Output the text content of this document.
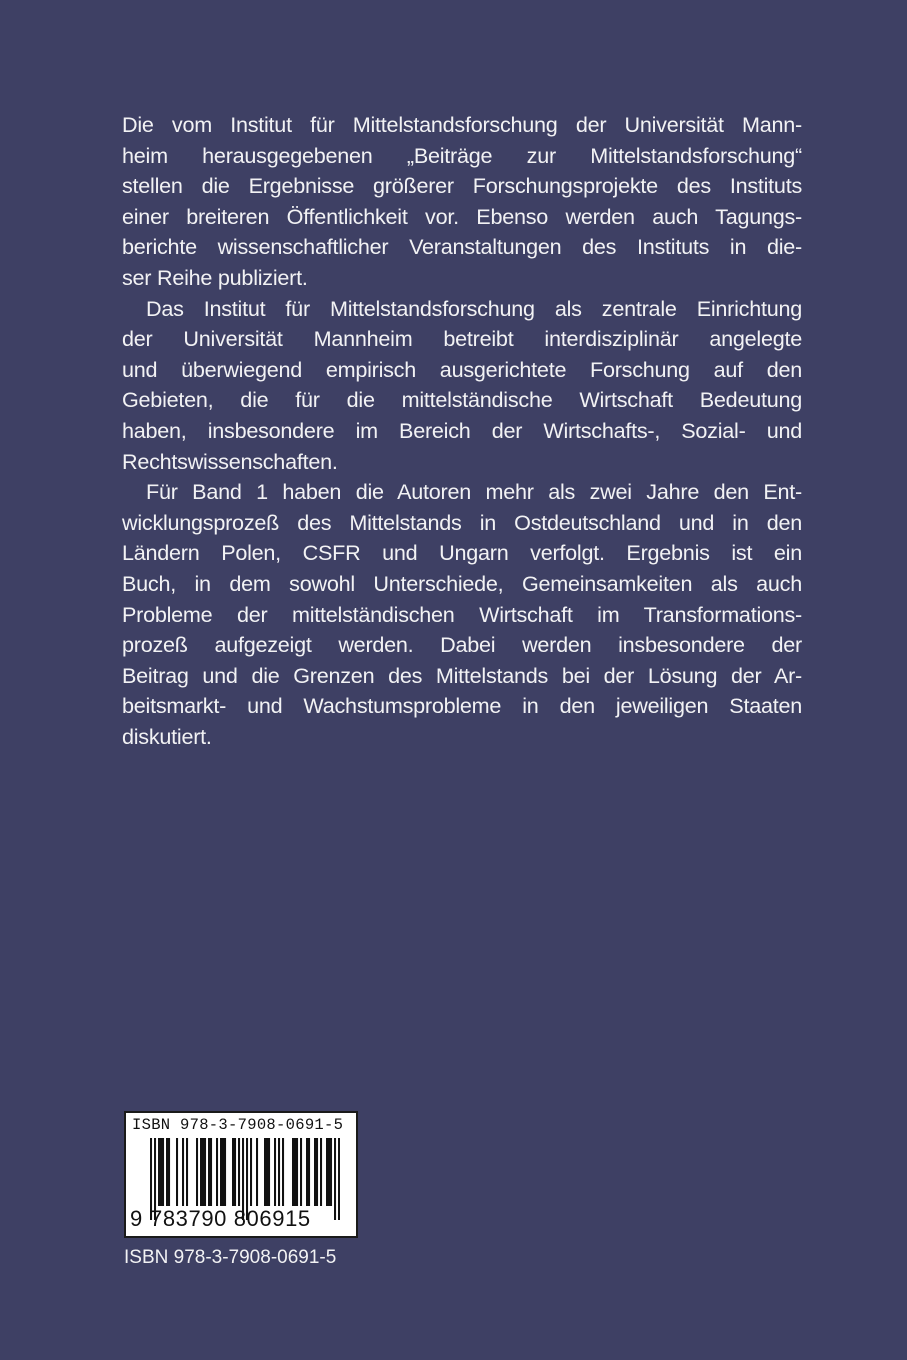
Die vom Institut für Mittelstandsforschung der Universität Mann-
heim herausgegebenen „Beiträge zur Mittelstandsforschung“
stellen die Ergebnisse größerer Forschungsprojekte des Instituts
einer breiteren Öffentlichkeit vor. Ebenso werden auch Tagungs-
berichte wissenschaftlicher Veranstaltungen des Instituts in die-
ser Reihe publiziert.
Das Institut für Mittelstandsforschung als zentrale Einrichtung
der Universität Mannheim betreibt interdisziplinär angelegte
und überwiegend empirisch ausgerichtete Forschung auf den
Gebieten, die für die mittelständische Wirtschaft Bedeutung
haben, insbesondere im Bereich der Wirtschafts-, Sozial- und
Rechtswissenschaften.
Für Band 1 haben die Autoren mehr als zwei Jahre den Ent-
wicklungsprozeß des Mittelstands in Ostdeutschland und in den
Ländern Polen, CSFR und Ungarn verfolgt. Ergebnis ist ein
Buch, in dem sowohl Unterschiede, Gemeinsamkeiten als auch
Probleme der mittelständischen Wirtschaft im Transformations-
prozeß aufgezeigt werden. Dabei werden insbesondere der
Beitrag und die Grenzen des Mittelstands bei der Lösung der Ar-
beitsmarkt- und Wachstumsprobleme in den jeweiligen Staaten
diskutiert.
ISBN 978-3-7908-0691-5
9 783790 806915
ISBN 978-3-7908-0691-5
